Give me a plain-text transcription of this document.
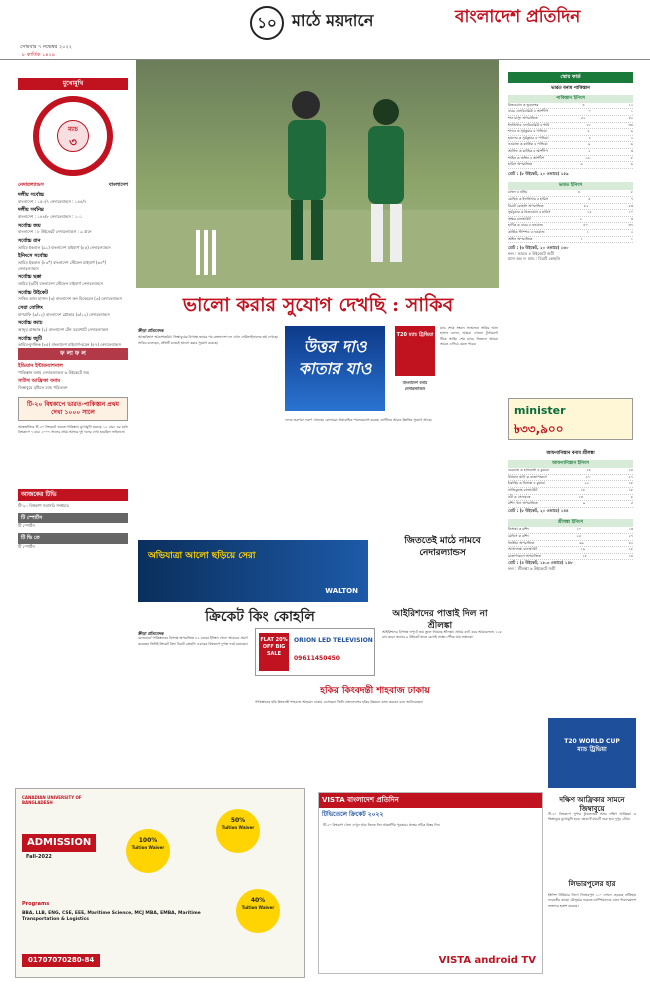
সোমবার ৭ নভেম্বর ২০২২
৮ কার্তিক ১৪২৯
১০ মাঠে ময়দানে	বাংলাদেশ প্রতিদিন
মুখোমুখি
ম্যাচ
৩
নেদারল্যান্ডস	বাংলাদেশ
দলীয় সর্বোচ্চ
বাংলাদেশ : ১৫০/৭ নেদারল্যান্ডস : ১৪৪/৭
দলীয় সর্বনিম্ন
বাংলাদেশ : ১৪৪/৮ নেদারল্যান্ডস : ১০১
সর্বোচ্চ জয়
বাংলাদেশ : ৮ উইকেটে নেদারল্যান্ডস : ৯ রানে
সর্বোচ্চ রান
তামিম ইকবাল (৯১) বাংলাদেশ মাইবার্গ (৮৫) নেদারল্যান্ডস
ইনিংসে সর্বোচ্চ
তামিম ইকবাল (৮৩*) বাংলাদেশ স্টেফেন মাইবার্গ (৬৪*) নেদারল্যান্ডস
সর্বোচ্চ ছক্কা
তামিম (৬টি) বাংলাদেশ স্টেফেন মাইবার্গ নেদারল্যান্ডস
সর্বোচ্চ উইকেট
সাকিব আল হাসান (৩) বাংলাদেশ ফন মিকেরেন (৩) নেদারল্যান্ডস
সেরা বোলিং
মাশরাফি (৩/১২) বাংলাদেশ গ্লোভার (৩/১২) নেদারল্যান্ডস
সর্বোচ্চ ক্যাচ
আব্দুর রাজ্জাক (২) বাংলাদেশ টেন ডয়েশ্যাট নেদারল্যান্ডস
সর্বোচ্চ জুটি
তামিম-মুশফিক (৮৫) বাংলাদেশ মাইবার্গ-বরেন (৫৭) নেদারল্যান্ডস
ফ লা ফ ল
ইন্ডিয়ান ইন্টারন্যাশনাল
পাকিস্তান বনাম নেদারল্যান্ডস ৬ উইকেটে জয়
সাউথ আফ্রিকা বনাম
জিম্বাবুয়ে বৃষ্টিতে ম্যাচ পরিত্যক্ত
টি-২০ বিশ্বকাপে ভারত-পাকিস্তান প্রথম দেখা ১০০০ সালে
আন্তর্জাতিক টি-২০ ক্রিকেটে ভারত-পাকিস্তান মুখোমুখি হয়েছে ১২ বার। এর মধ্যে বিশ্বকাপে ৭ বার। ২০০৭ সালের প্রথম আসরে দুই দলের দেখা হয়েছিল ফাইনালে।
আজকের টিভি
টি-২০ বিশ্বকাপ সরাসরি সম্প্রচার
টি স্পোর্টস
টি স্পোর্টস
টি ভি তে
টি স্পোর্টস
ভালো করার সুযোগ দেখছি : সাকিব
ক্রীড়া প্রতিবেদক
আত্মবিশ্বাস আকাশছোঁয়া। জিম্বাবুয়ের বিপক্ষে জয়ের পর বাংলাদেশ দল এখন সেমিফাইনালের স্বপ্ন দেখছে। সাকিব বলেছেন, প্রতিটি ম্যাচেই ভালো করার সুযোগ রয়েছে।	উত্তর দাও কাতার যাও
T20 ম্যাচ ট্রিভিয়া
বাংলাদেশ বনাম নেদারল্যান্ডস
ম্যাচ শেষে সংবাদ সম্মেলনে সাকিব আল হাসান বলেন, আমরা এখনো টুর্নামেন্টে টিকে আছি। শেষ ম্যাচে জিতলে আমরা আরও এগিয়ে যেতে পারব।
দলের তরুণরা দারুণ খেলছে। বোলাররা ধারাবাহিক পারফরম্যান্স করছে। ব্যাটিংয়ে আরও উন্নতির সুযোগ আছে।
অভিযাত্রা আলো ছড়িয়ে সেরা
WALTON
জিততেই মাঠে নামবে নেদারল্যান্ডস
ক্রিকেট কিং কোহলি
ক্রীড়া প্রতিবেদক
মেলবোর্নে পাকিস্তানের বিপক্ষে অপরাজিত ৮২ রানের ইনিংস খেলে আবারও প্রমাণ করেছেন তিনিই ক্রিকেট কিং। বিরাট কোহলি এবারের বিশ্বকাপে দুর্দান্ত ফর্মে রয়েছেন।
FLAT 20% OFF BIG SALE
ORION LED TELEVISION
09611450450
আইরিশদের পাত্তাই দিল না শ্রীলঙ্কা
আইরিশদের বিপক্ষে দাপুটে জয় তুলে নিয়েছে শ্রীলঙ্কা। প্রথমে ব্যাট করে আয়ারল্যান্ড ১২৮ রান করে। জবাবে ৯ উইকেট হাতে রেখেই লক্ষ্যে পৌঁছে যায় লঙ্কানরা।
হকির কিংবদন্তী শাহবাজ ঢাকায়
পাকিস্তানের হকি কিংবদন্তী শাহবাজ আহমেদ ঢাকায় এসেছেন। তিনি বাংলাদেশের হকির উন্নয়নে কাজ করবেন বলে জানিয়েছেন।
স্কোর কার্ড
ভারত বনাম পাকিস্তান
পাকিস্তান ইনিংস
রিজওয়ান ক ভুবনেশ্বর	৪	১২
বাবর এলবিডব্লিউ ব আর্শদীপ	০	১
শান মাসুদ অপরাজিত	৫২	৪২
ইফতিখার এলবিডব্লিউ ব শামি	৫১	৩৪
শাদাব ক সূর্যকুমার ব পান্ডিয়া	৫	৬
হায়দার ক সূর্যকুমার ব পান্ডিয়া	২	২
নওয়াজ ক কার্তিক ব পান্ডিয়া	৯	৬
আসিফ ক কার্তিক ব আর্শদীপ	২	৩
শাহিন ক অশ্বিন ব আর্শদীপ	১৬	৮
হারিস অপরাজিত	৬	৬
মোট : (৮ উইকেট, ২০ ওভারে) ১৫৯
ভারত ইনিংস
রাহুল ব নসিম	৪	৮
রোহিত ক ইফতিখার ব হারিস	৪	৭
বিরাট কোহলি অপরাজিত	৮২	৫৩
সূর্যকুমার ক রিজওয়ান ব হারিস	১৫	১০
অক্ষর রানআউট	২	৩
হার্দিক ক বাবর ব নওয়াজ	৪০	৩৭
কার্তিক স্টাম্পড ব নওয়াজ	১	২
অশ্বিন অপরাজিত	১	১
মোট : (৬ উইকেট, ২০ ওভারে) ১৬০
ফল : ভারত ৪ উইকেটে জয়ী
ম্যান অব দ্য ম্যাচ : বিরাট কোহলি
minister
৳৩৩,৯০০
আফগানিস্তান বনাম শ্রীলঙ্কা
আফগানিস্তান ইনিংস
গুরবাজ ক হাসারাঙ্গা ব কুমারা	২৮	২৪
উসমান ঘানি ক রাজাপাকসে	২৭	২৭
ইব্রাহিম ক নিসাঙ্কা ব কুমারা	২২	১৮
নাজিবুল্লাহ রানআউট	১৮	১৮
নবী ক সেনারত্নে	১৩	৮
রশিদ খান অপরাজিত	৯	৫
মোট : (৮ উইকেট, ২০ ওভারে) ১৪৪
শ্রীলঙ্কা ইনিংস
নিসাঙ্কা ক রশিদ	১০	১৩
মেন্ডিস ক রশিদ	২৫	২৭
ধনঞ্জয়া অপরাজিত	৬৬	৪২
আসালাঙ্কা রানআউট	১৯	১৮
রাজাপাকসে অপরাজিত	১৮	১৪
মোট : (৪ উইকেট, ১৮.৩ ওভারে) ১৪৮
ফল : শ্রীলঙ্কা ৬ উইকেটে জয়ী
দক্ষিণ আফ্রিকার সামনে জিম্বাবুয়ে
টি-২০ বিশ্বকাপে সুপার টুয়েলভের আজ দক্ষিণ আফ্রিকা ও জিম্বাবুয়ে মুখোমুখি হবে। হোবার্টে ম্যাচটি শুরু হবে দুপুর ২টায়।
লিভারপুলের হার
ইংলিশ প্রিমিয়ার লিগে লিভারপুল ১-০ গোলে হেরেছে নটিংহাম ফরেস্টের কাছে। মৌসুমের শুরুতে চ্যাম্পিয়নদের এমন পারফরম্যান্স ভক্তদের হতাশ করেছে।
CANADIAN UNIVERSITY OF BANGLADESH
ADMISSION
Fall-2022
100%
Tuition Waiver
50%
Tuition Waiver
40%
Tuition Waiver
Programs
BBA, LLB, ENG, CSE, EEE, Maritime Science, MCJ MBA, EMBA, Maritime Transportation & Logistics
01707070280-84
VISTA বাংলাদেশ প্রতিদিন
টিভিতেলে ক্রিকেট ২০২২
টি-২০ বিশ্বকাপ খেলা দেখুন আর জিতে নিন আকর্ষণীয় পুরস্কার। প্রশ্নের সঠিক উত্তর দিন।
VISTA android TV
T20 WORLD CUP
ম্যাচ ট্রিভিয়া
